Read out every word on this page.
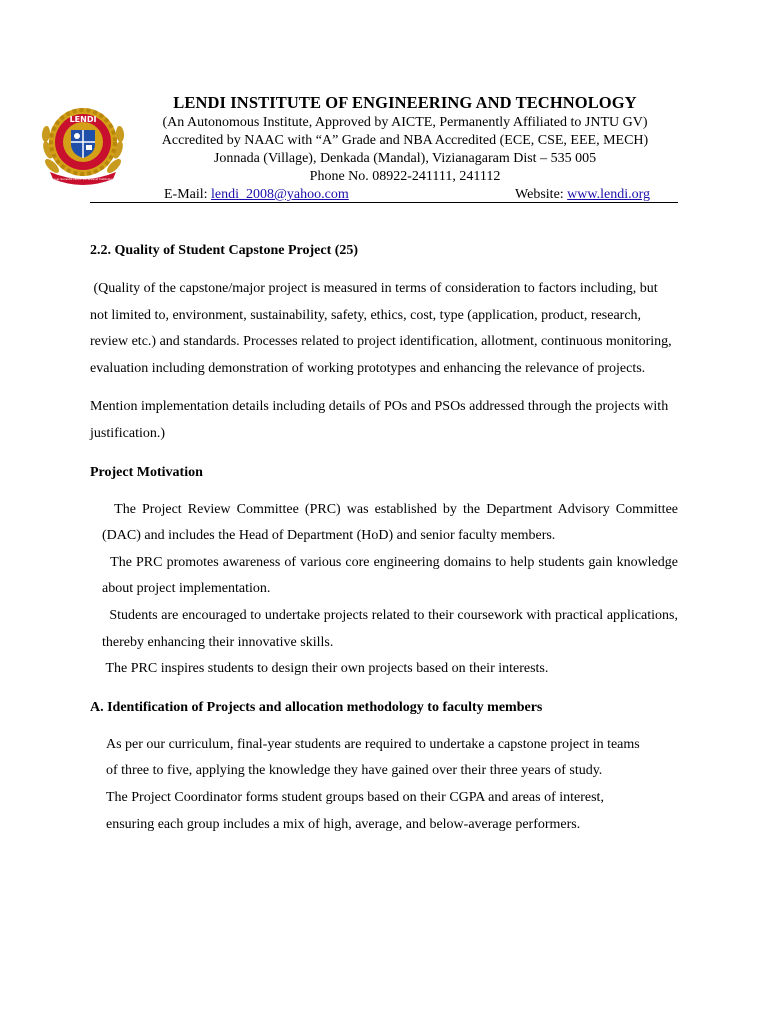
LENDI
Group Sureshk Lendi Vocational Institutions
LENDI INSTITUTE OF ENGINEERING AND TECHNOLOGY
(An Autonomous Institute, Approved by AICTE, Permanently Affiliated to JNTU GV)
Accredited by NAAC with “A” Grade and NBA Accredited (ECE, CSE, EEE, MECH)
Jonnada (Village), Denkada (Mandal), Vizianagaram Dist – 535 005
Phone No. 08922-241111, 241112
E-Mail: lendi_2008@yahoo.com	Website: www.lendi.org

2.2. Quality of Student Capstone Project (25)

(Quality of the capstone/major project is measured in terms of consideration to factors including, but not limited to, environment, sustainability, safety, ethics, cost, type (application, product, research, review etc.) and standards. Processes related to project identification, allotment, continuous monitoring, evaluation including demonstration of working prototypes and enhancing the relevance of projects.

Mention implementation details including details of POs and PSOs addressed through the projects with justification.)

Project Motivation

The Project Review Committee (PRC) was established by the Department Advisory Committee (DAC) and includes the Head of Department (HoD) and senior faculty members.

The PRC promotes awareness of various core engineering domains to help students gain knowledge about project implementation.

Students are encouraged to undertake projects related to their coursework with practical applications, thereby enhancing their innovative skills.

The PRC inspires students to design their own projects based on their interests.

A. Identification of Projects and allocation methodology to faculty members

As per our curriculum, final-year students are required to undertake a capstone project in teams of three to five, applying the knowledge they have gained over their three years of study.

The Project Coordinator forms student groups based on their CGPA and areas of interest, ensuring each group includes a mix of high, average, and below-average performers.
